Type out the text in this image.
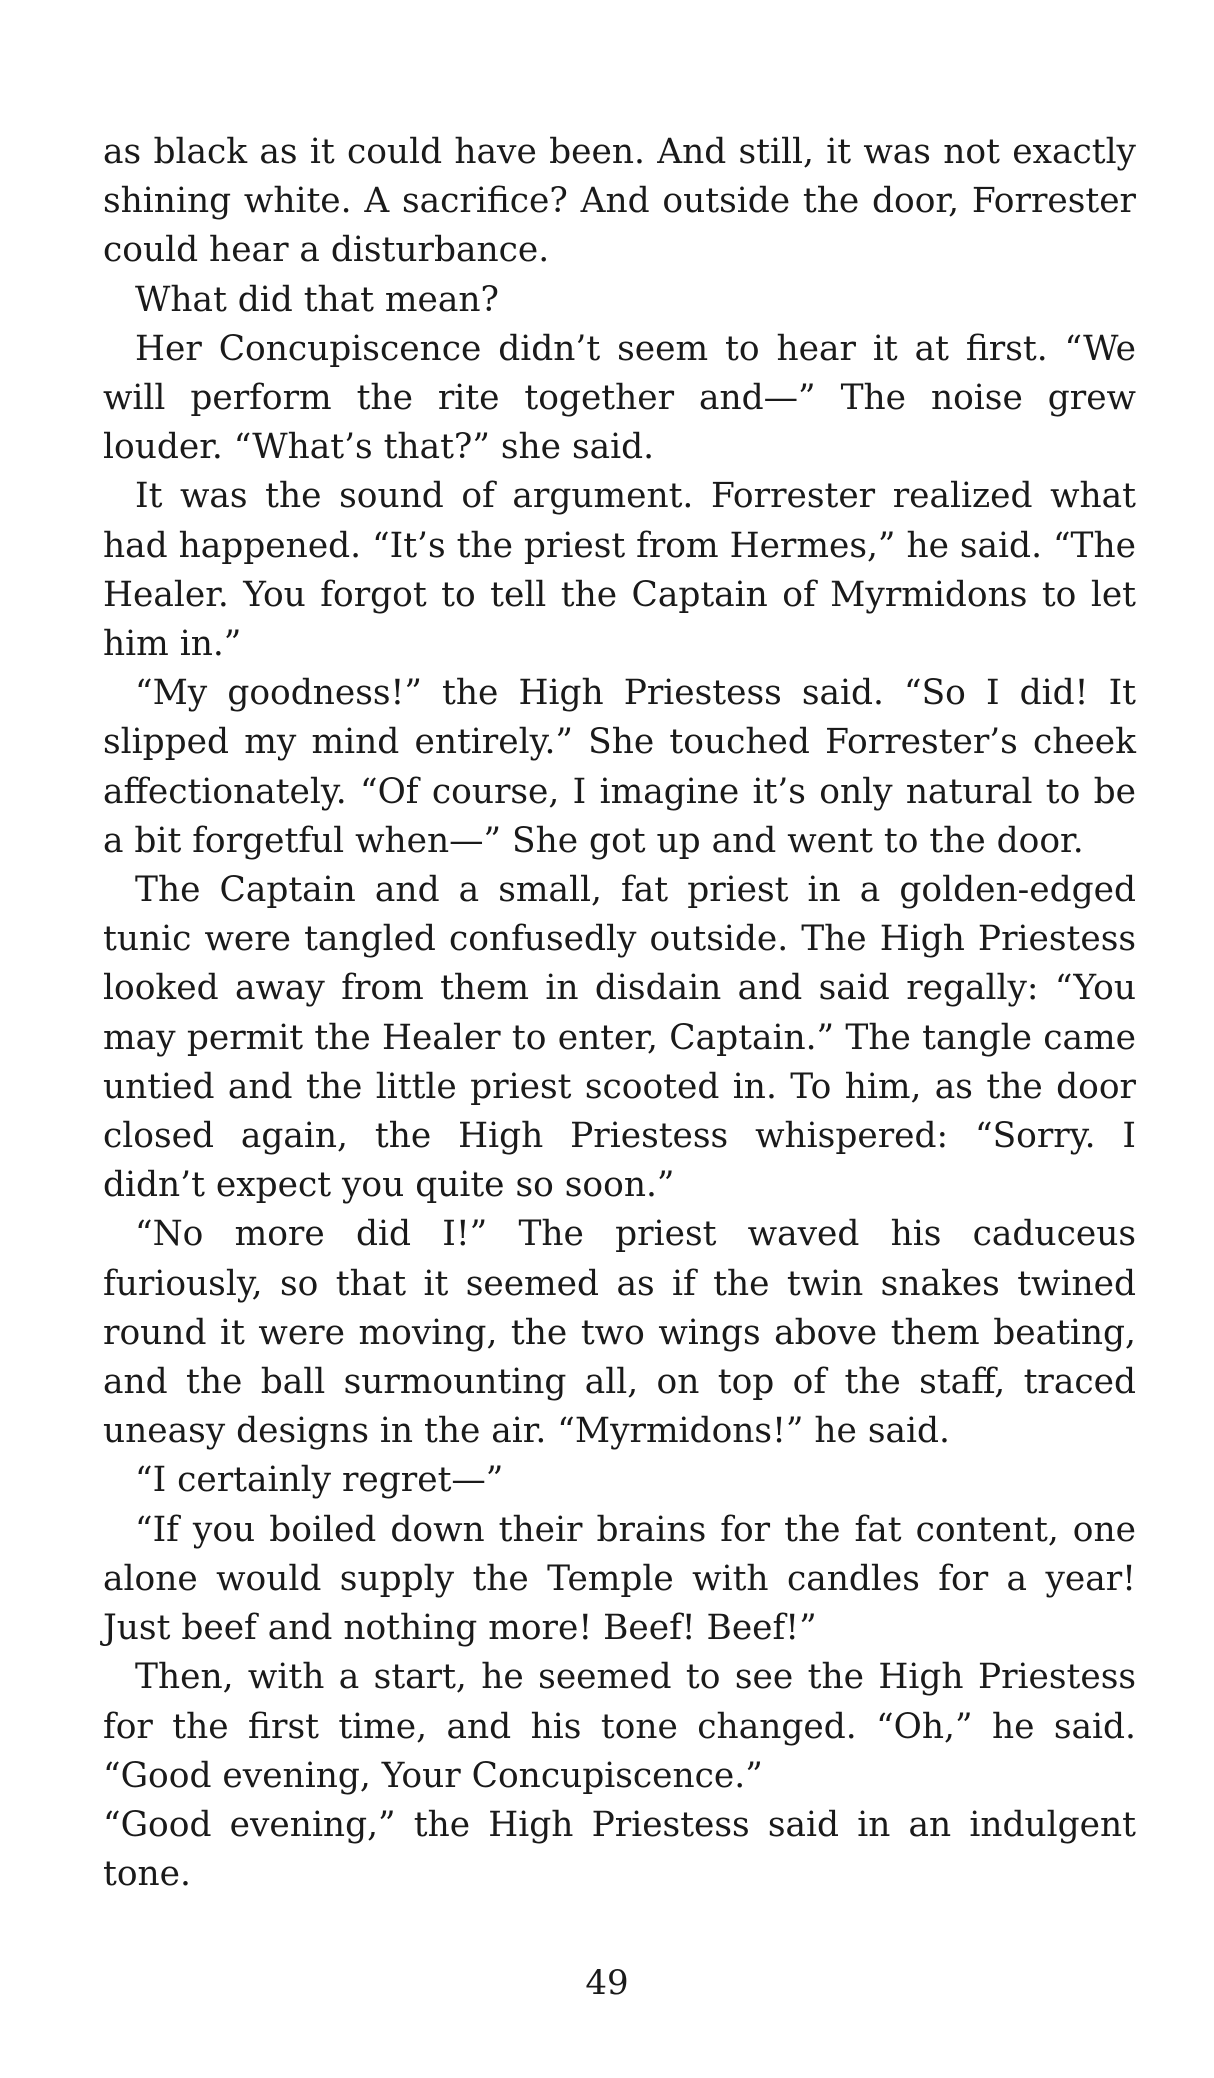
as black as it could have been. And still, it was not exactly shining white. A sacrifice? And outside the door, Forrester could hear a disturbance.

What did that mean?

Her Concupiscence didn’t seem to hear it at first. “We will perform the rite together and—” The noise grew louder. “What’s that?” she said.

It was the sound of argument. Forrester realized what had happened. “It’s the priest from Hermes,” he said. “The Healer. You forgot to tell the Captain of Myrmidons to let him in.”

“My goodness!” the High Priestess said. “So I did! It slipped my mind entirely.” She touched Forrester’s cheek affectionately. “Of course, I imagine it’s only natural to be a bit forgetful when—” She got up and went to the door.

The Captain and a small, fat priest in a golden-edged tunic were tangled confusedly outside. The High Priestess looked away from them in disdain and said regally: “You may permit the Healer to enter, Captain.” The tangle came untied and the little priest scooted in. To him, as the door closed again, the High Priestess whispered: “Sorry. I didn’t expect you quite so soon.”

“No more did I!” The priest waved his caduceus furiously, so that it seemed as if the twin snakes twined round it were moving, the two wings above them beating, and the ball surmounting all, on top of the staff, traced uneasy designs in the air. “Myrmidons!” he said.

“I certainly regret—”

“If you boiled down their brains for the fat content, one alone would supply the Temple with candles for a year! Just beef and nothing more! Beef! Beef!”

Then, with a start, he seemed to see the High Priestess for the first time, and his tone changed. “Oh,” he said. “Good evening, Your Concupiscence.”

“Good evening,” the High Priestess said in an indulgent tone.

49
